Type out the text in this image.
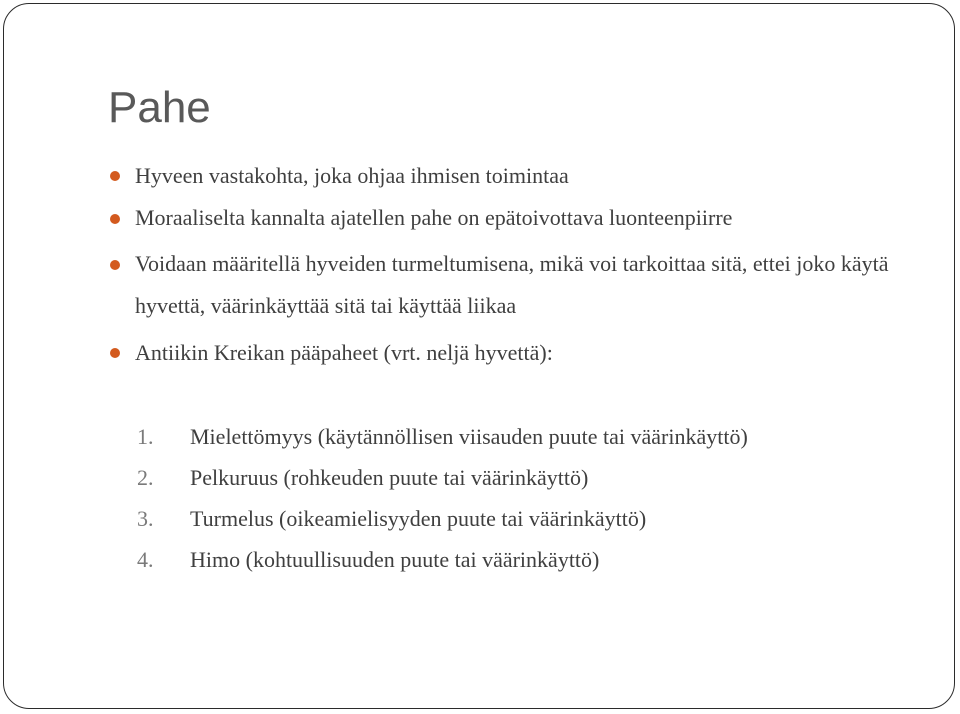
Pahe
Hyveen vastakohta, joka ohjaa ihmisen toimintaa
Moraaliselta kannalta ajatellen pahe on epätoivottava luonteenpiirre
Voidaan määritellä hyveiden turmeltumisena, mikä voi tarkoittaa sitä, ettei joko käytä hyvettä, väärinkäyttää sitä tai käyttää liikaa
Antiikin Kreikan pääpaheet (vrt. neljä hyvettä):
1. Mielettömyys (käytännöllisen viisauden puute tai väärinkäyttö)
2. Pelkuruus (rohkeuden puute tai väärinkäyttö)
3. Turmelus (oikeamielisyyden puute tai väärinkäyttö)
4. Himo (kohtuullisuuden puute tai väärinkäyttö)
